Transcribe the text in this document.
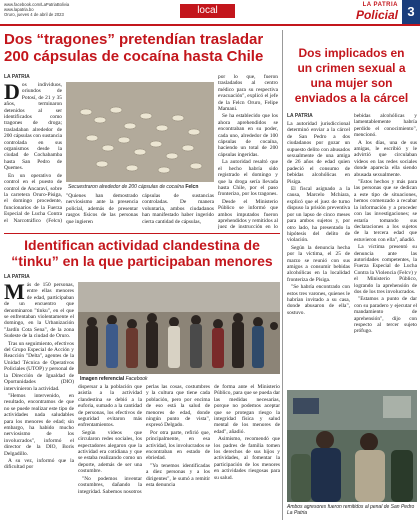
www.facebook.com/LaPatriaBolivia
www.lapatria.bo
Oruro, jueves 4 de abril de 2023	local	LA PATRIA
Policial 3
Dos “tragones” pretendían trasladar
200 cápsulas de cocaína hasta Chile
LA PATRIA

Dos individuos, oriundos de Potosí, de 21 y 35 años, terminaron detenidos al ser identificados como tragones de droga; trasladaban alrededor de 200 cápsulas con sustancia controlada en sus organismos desde la ciudad de Cochabamba hasta San Pedro de Quemes.

En un operativo de control en el puesto de control de Ancaraví, sobre la carretera Oruro-Pisiga, el domingo procedente, funcionarios de la Fuerza Especial de Lucha Contra el Narcotráfico (Felcn)

Secuestraron alrededor de 200 cápsulas de cocaína Felcn

"Quienes han demostrado nerviosismo ante la presencia policial, además de presentar rasgos físicos de las personas que ingieren

cápsulas de sustancias controladas. De manera voluntaria, ambos ciudadanos han manifestado haber ingerido cierta cantidad de cápsulas,

por lo que, fueron trasladados al centro médico para su respectiva evacuación", explicó el jefe de la Felcn Oruro, Felipe Mamani.

Se ha establecido que los ahora aprehendidos se encontraban en su poder, cada uno, alrededor de 100 cápsulas de cocaína, haciendo un total de 200 cápsulas ingeridas.

La autoridad resaltó que el hecho habría sido registrado el domingo y que la droga sería llevada hasta Chile, por el paso fronterizo, por los tragones.

Desde el Ministerio Público se informó que ambos imputados fueron aprehendidos y remitidos al juez de instrucción en lo

Dos implicados en
un crimen sexual a
una mujer son
enviados a la cárcel
LA PATRIA

La autoridad jurisdiccional determinó enviar a la cárcel de San Pedro a dos ciudadanos por gozar un supuesto delito con abusados sexualmente de una amiga de 26 años de edad quien padeció el consumo de bebidas alcohólicas en Pisiga.

El fiscal asignado a la causa, Marcelo Mchiara, explicó que el juez de turno dispuso la prisión preventiva por un lapso de cinco meses para ambos sujetos y, por otro lado, ha presentado la hipótesis del delito de violación.

Según la denuncia hecha por la víctima, el 25 de marzo se reunió con sus amigos a consumir bebidas alcohólicas en la localidad fronteriza de Pisiga.

"Se habría encontrado con estos tres varones, quienes le habrían invitado a su casa, donde abusaron de ella", sostuvo.

bebidas alcohólicas y lamentablemente habría perdido el conocimiento", mencionó.

A los días, una de sus amigas, le escribió y le advirtió que circulaban videos en las redes sociales donde aparecía ella siendo abusada sexualmente.

"Estos hechos y más para las personas que se dedican a este tipo de situaciones, hemos comenzado a recabar la información y a proceder con las investigaciones; se estaría tomando sus declaraciones a los sujetos de la tercera edad que estuvieron con ella", añadió.

La víctima presentó su denuncia ante las autoridades competentes, la Fuerza Especial de Lucha Contra la Violencia (Felcv) y el Ministerio Público, logrando la aprehensión de dos de los tres involucrados.

"Estamos a punto de dar con su paradero y ejecutar el mandamiento de aprehensión", dijo con respecto al tercer sujeto prófugo.

Ambos agresores fueron remitidos al penal de San Pedro La Patria
Identifican actividad clandestina de
“tinku” en la que participaban menores
LA PATRIA

Más de 150 personas, entre ellas menores de edad, participaban de un encuentro que denominaron "tinku", en el que se enfrentaban violentamente el domingo, en la Urbanización "Jardín Cota Sena", de la zona Sudeste de la ciudad de Oruro.

Tras un seguimiento, efectivos del Grupo Especial de Acción y Reacción "Delta", agentes de la Unidad Técnica de Operativos Policiales (UTOP) y personal de la Dirección de Igualdad de Oportunidades (DIO) intervinieron la actividad.

"Hemos intervenido, en resultado, encontramos de que no se puede realizar este tipo de actividades nada saludables para los menores de edad; sin embargo, ha habido mucho nerviosismo de los involucrados", informó el director de la DIO, Boris Delgadillo.

A su vez, informó que la dificultad por

Imagen referencial Facebook

dispersar a la población que asistía a la actividad clandestina se debió a la euforia, sumado a la cantidad de personas, los efectivos de seguridad evitaron más enfrentamientos.

Según videos que circularon redes sociales, los espectadores alegaron que la actividad era cotidiana y que se estaba realizando como un deporte, además de ser una costumbre.

"No podemos inventar costumbres, dañando la integridad. Sabemos nosotros

perlas las cosas, costumbres y la cultura que tiene cada población, pero por encima de eso está la salud de menores de edad, donde ningún punto de vista", expresó Delgado.

Por otra parte, refirió que, principalmente, en esa actividad, los involucrados se encontraban en estado de ebriedad.

"Yo tenemos identificadas a diez personas y a los dirigentes", le sumó a remitir esta denuncia

de forma ante el Ministerio Público, para que se pueda dar las medidas necesarias, porque no podemos aceptar que se protegan riesgo la integridad física y salud mental de los menores de edad", añadió.

Asimismo, recomendó que los padres de familia tomen los derechos de sus hijos y actividades, al fomentar la participación de los menores en actividades riesgosas para su salud.
